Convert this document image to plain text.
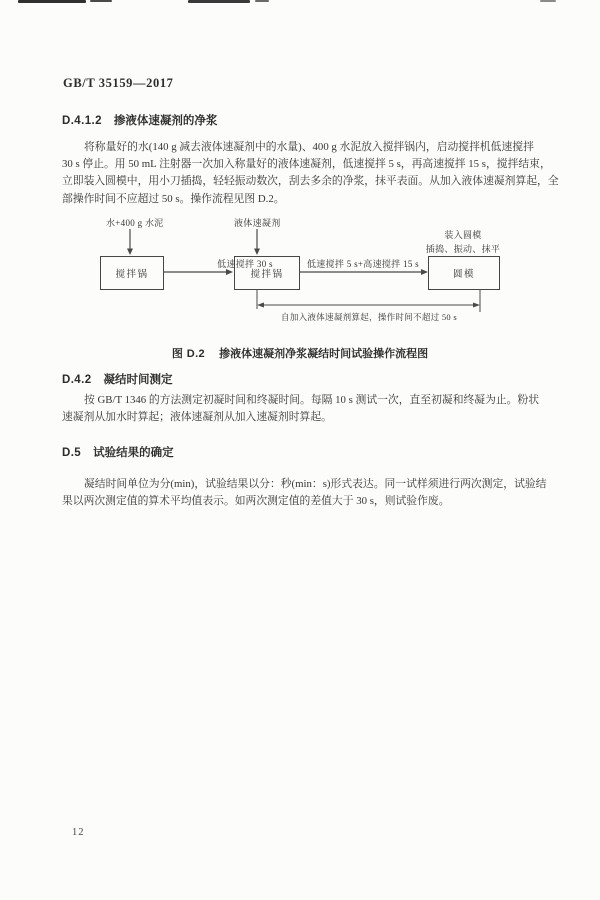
GB/T 35159—2017
D.4.1.2 掺液体速凝剂的净浆
将称量好的水(140 g 减去液体速凝剂中的水量)、400 g 水泥放入搅拌锅内，启动搅拌机低速搅拌
30 s 停止。用 50 mL 注射器一次加入称量好的液体速凝剂，低速搅拌 5 s，再高速搅拌 15 s，搅拌结束，
立即装入圆模中，用小刀插捣，轻轻振动数次，刮去多余的净浆，抹平表面。从加入液体速凝剂算起，全
部操作时间不应超过 50 s。操作流程见图 D.2。
水+400 g 水泥	液体速凝剂
搅拌锅	搅拌锅	圆模
低速搅拌 30 s	低速搅拌 5 s+高速搅拌 15 s
装入圆模
插捣、振动、抹平
自加入液体速凝剂算起，操作时间不超过 50 s
图 D.2 掺液体速凝剂净浆凝结时间试验操作流程图
D.4.2 凝结时间测定
按 GB/T 1346 的方法测定初凝时间和终凝时间。每隔 10 s 测试一次，直至初凝和终凝为止。粉状
速凝剂从加水时算起；液体速凝剂从加入速凝剂时算起。
D.5 试验结果的确定
凝结时间单位为分(min)，试验结果以分：秒(min：s)形式表达。同一试样须进行两次测定，试验结
果以两次测定值的算术平均值表示。如两次测定值的差值大于 30 s，则试验作废。
12
